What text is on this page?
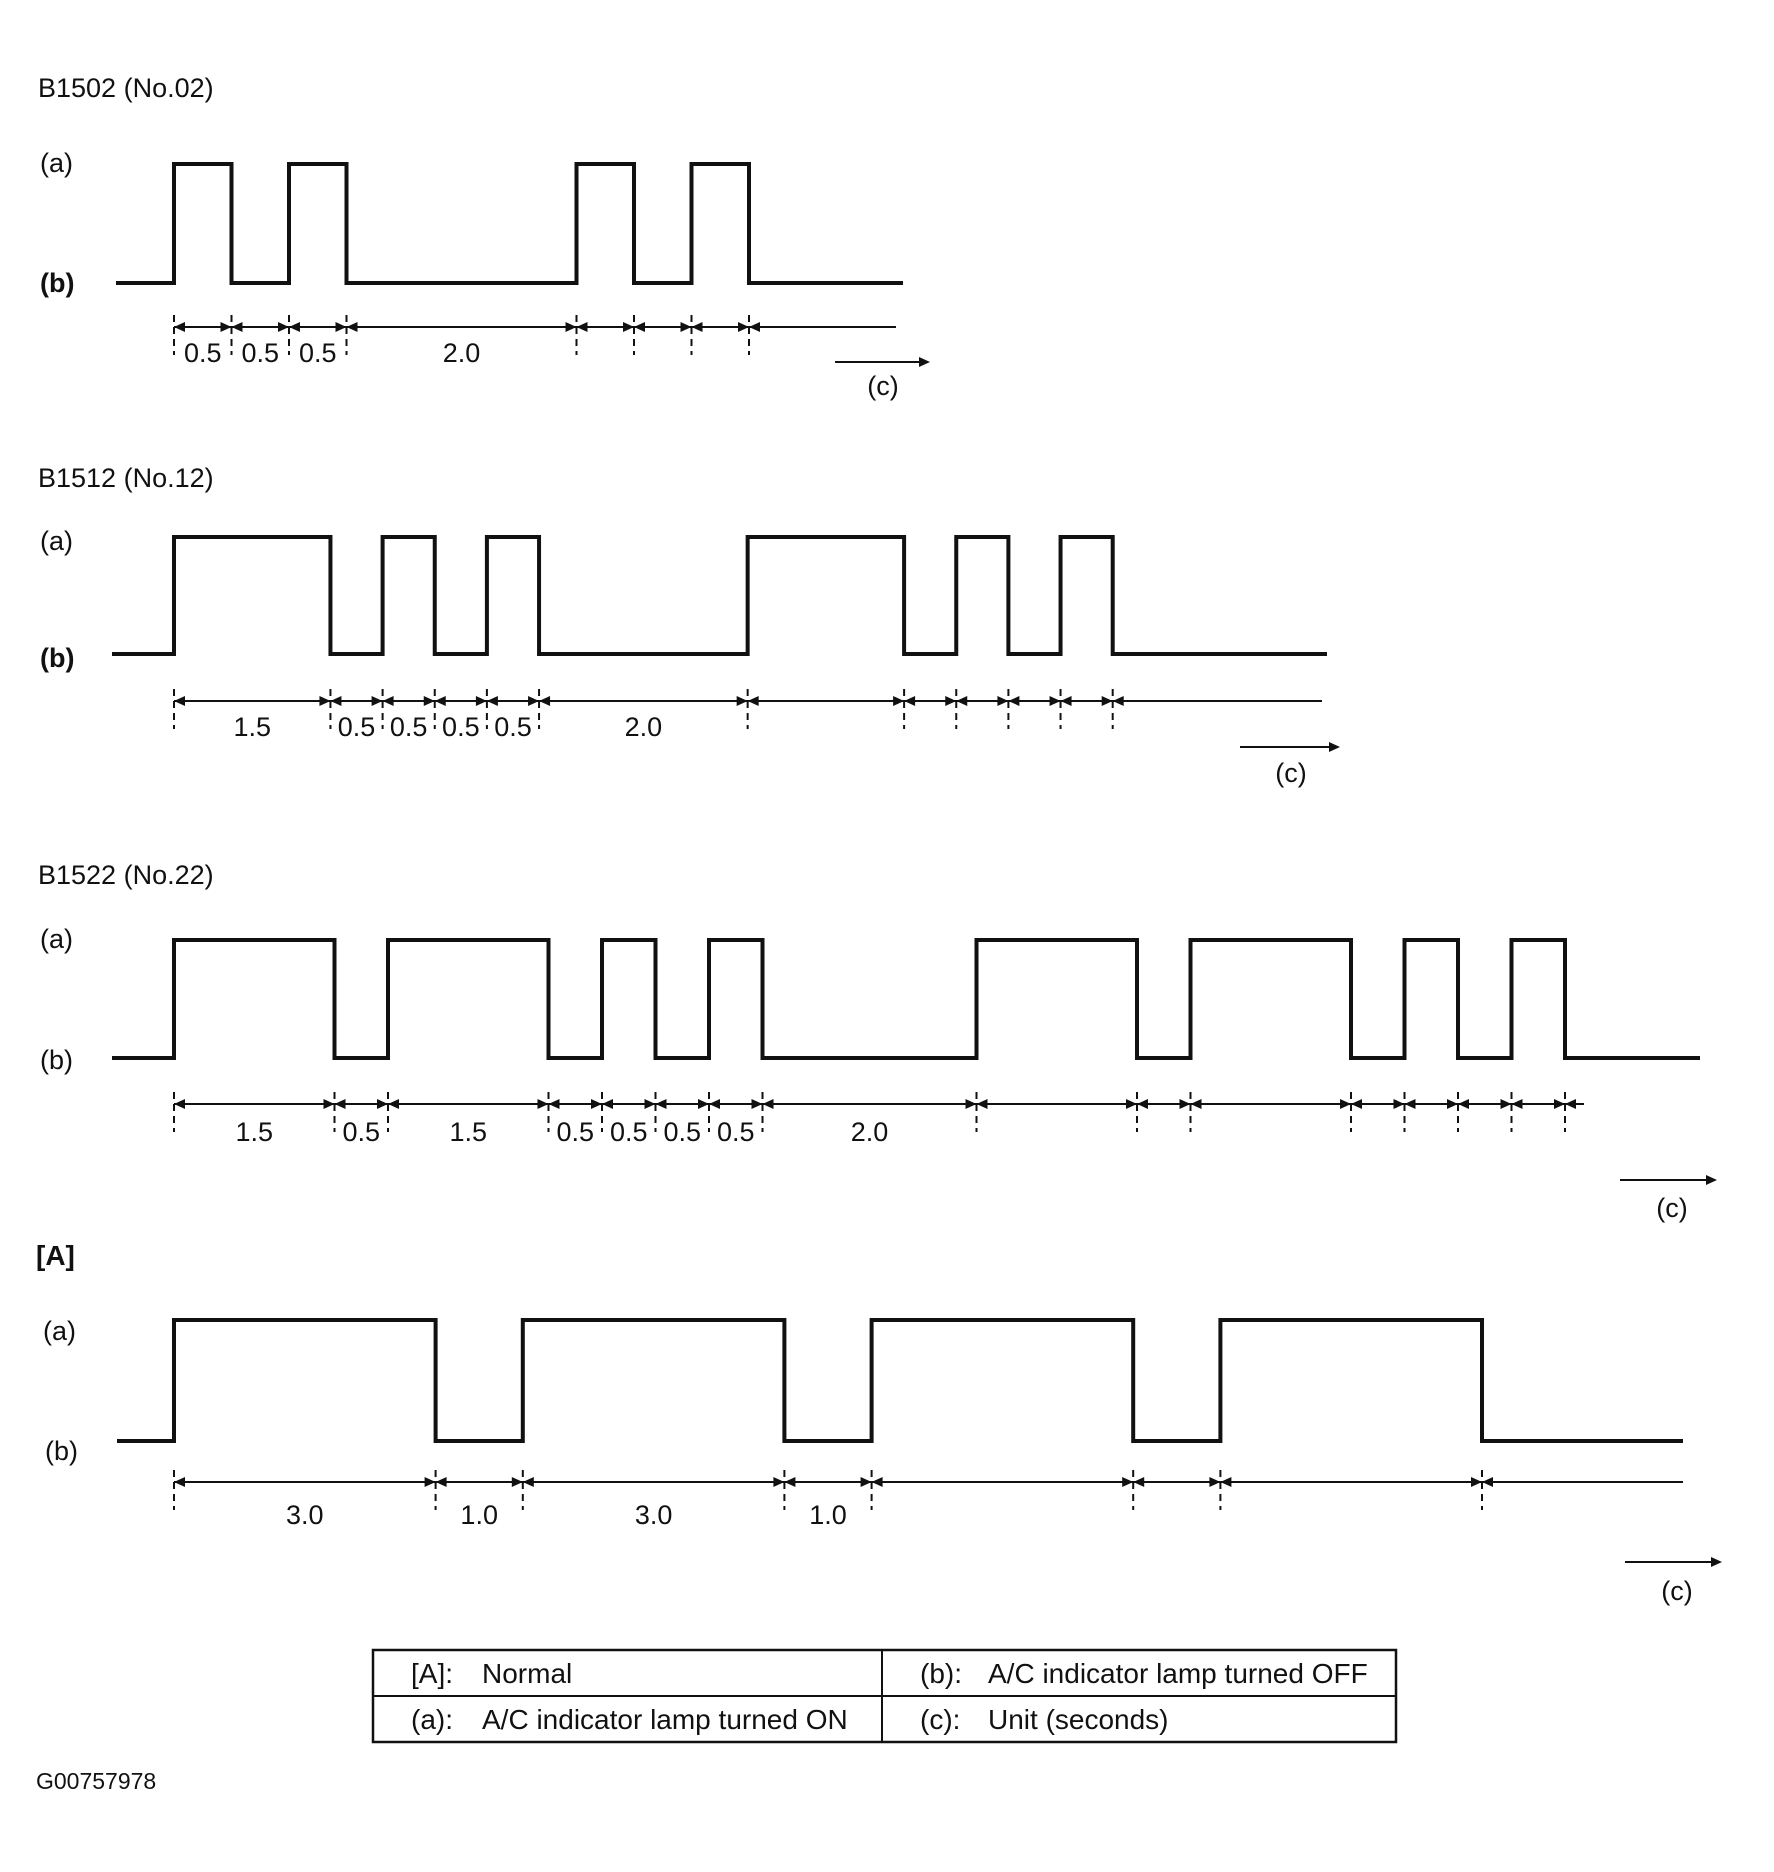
B1502 (No.02)
(a)
(b)
0.5 0.5 0.5	2.0
(c)
B1512 (No.12)
(a)
(b)
1.5 0.5 0.5 0.5 0.5	2.0
(c)
B1522 (No.22)
(a)
(b)
1.5	0.5	1.5	0.5 0.5 0.5 0.5	2.0
(c)
[A]
(a)
(b)
3.0	1.0	3.0	1.0
(c)
[A]: Normal	(b): A/C indicator lamp turned OFF
(a): A/C indicator lamp turned ON	(c): Unit (seconds)
G00757978
